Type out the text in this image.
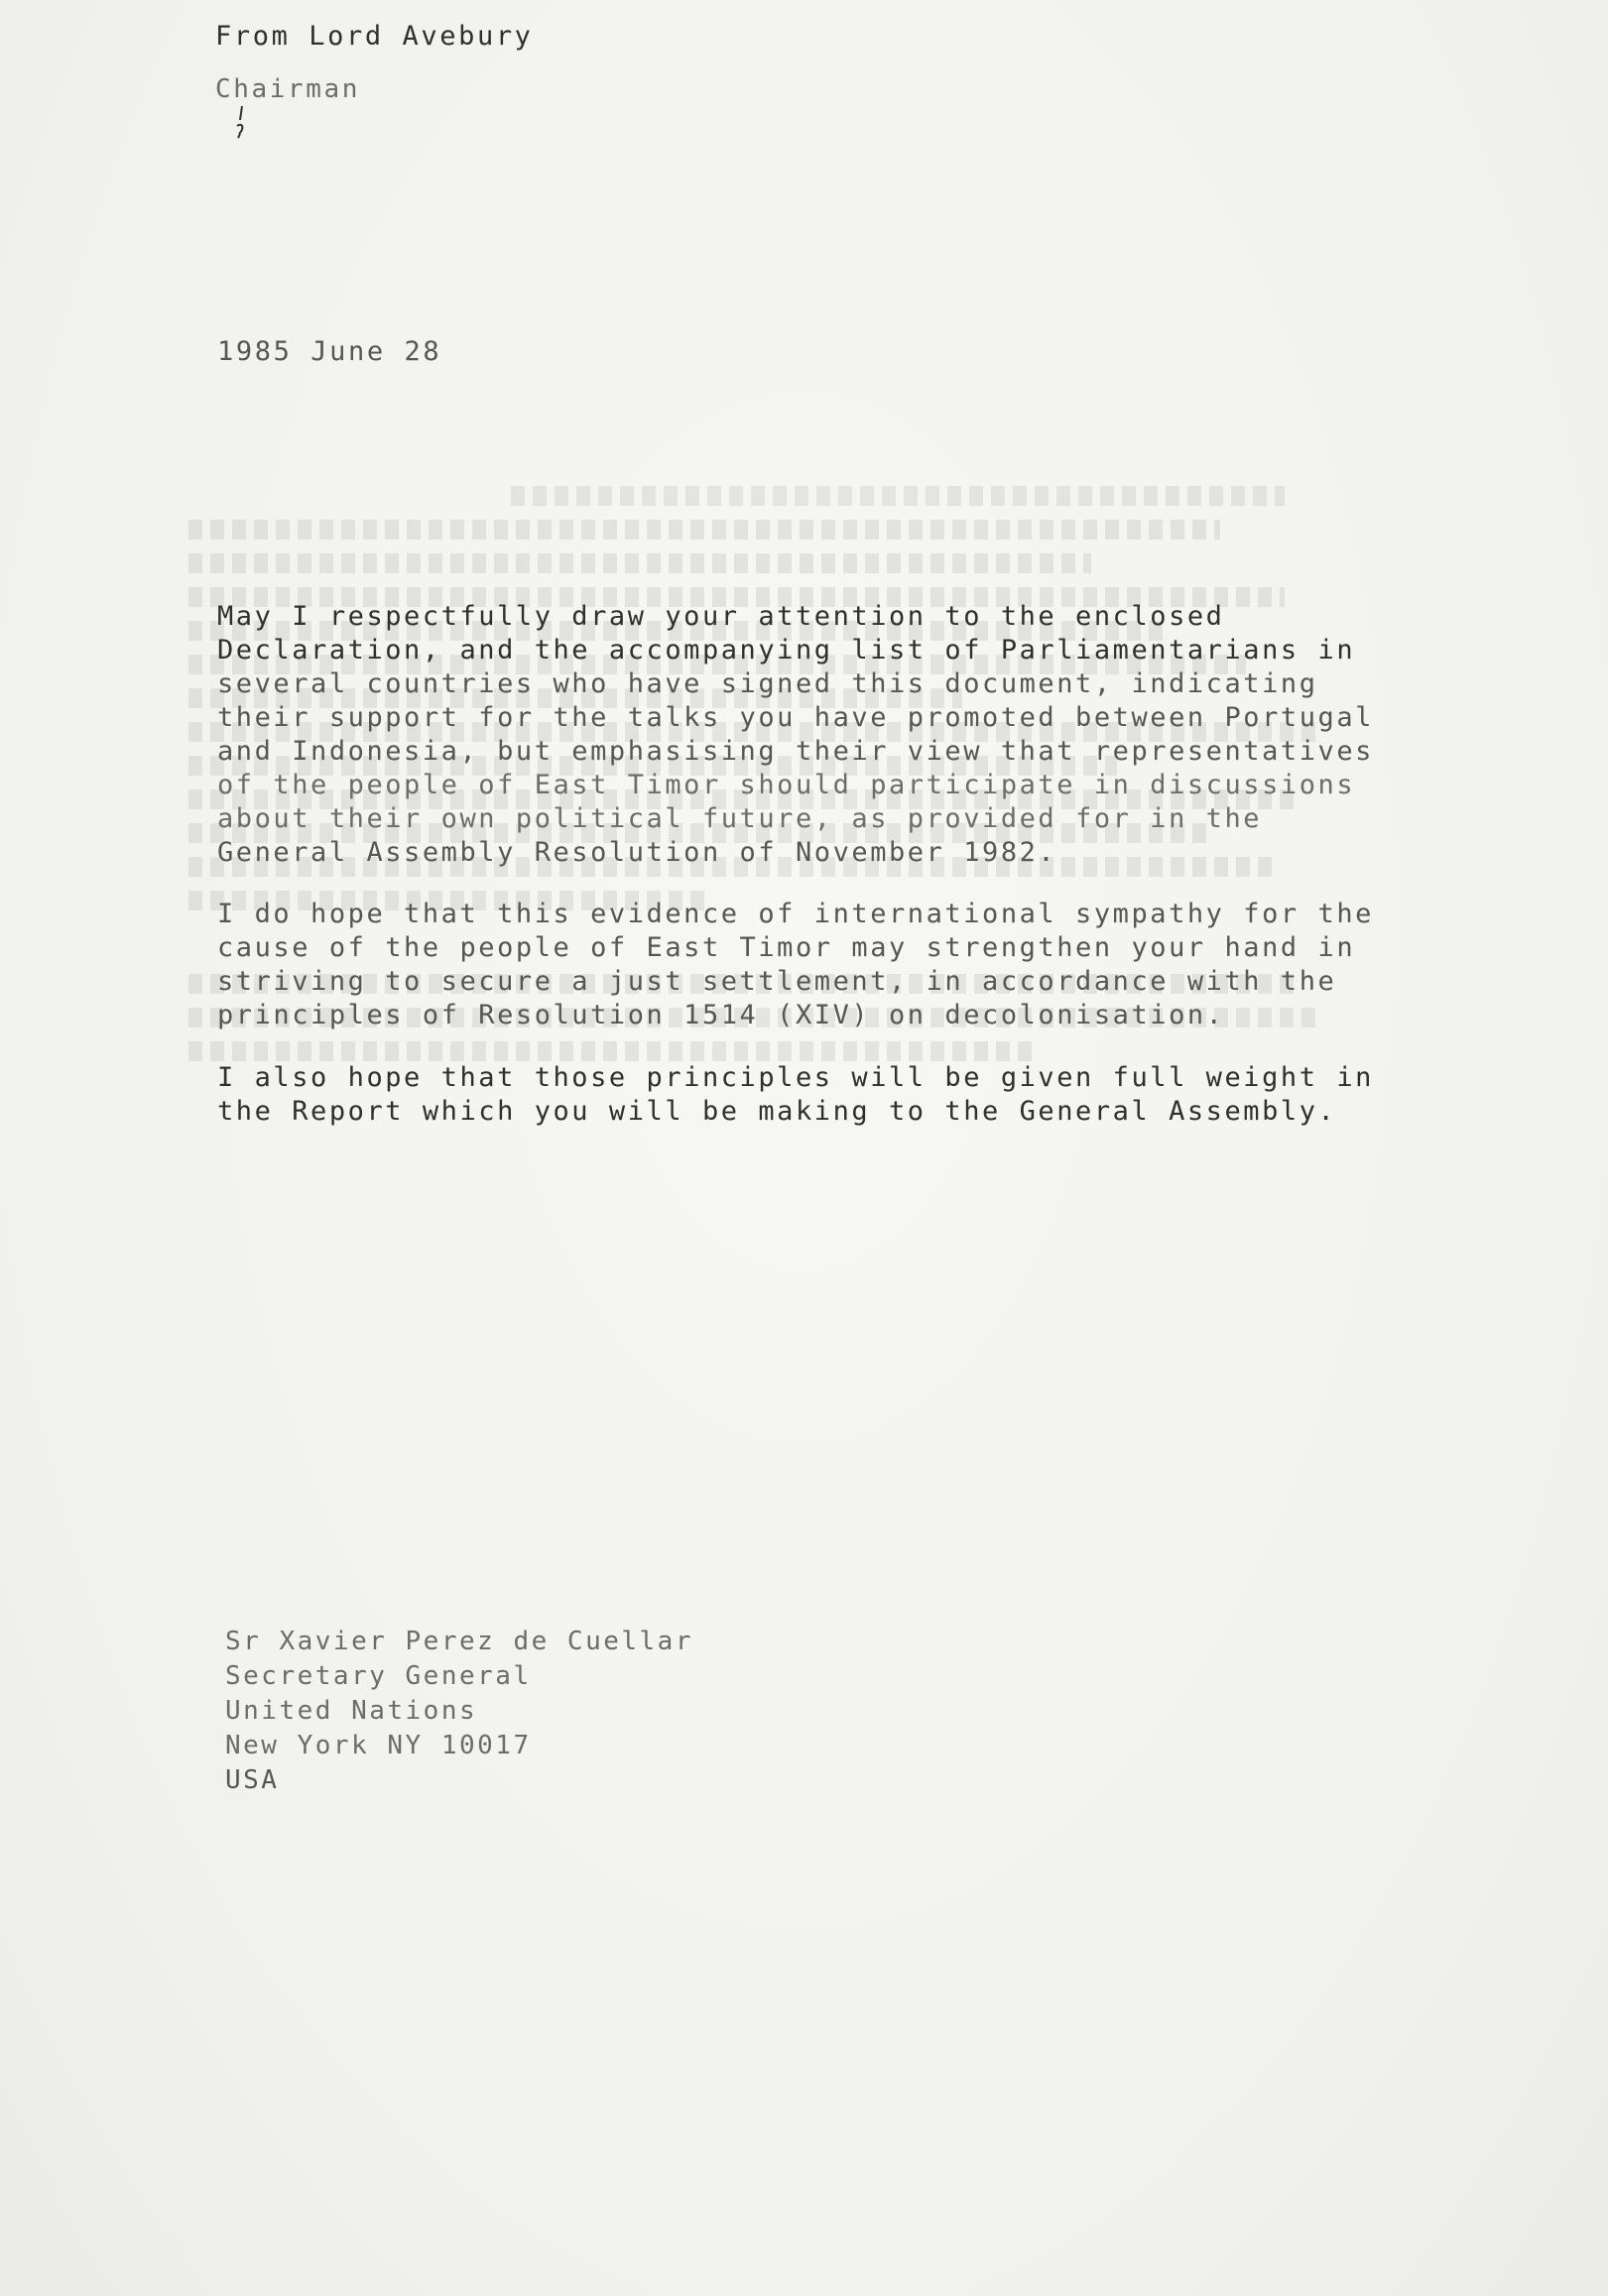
From Lord Avebury
Chairman
1985 June 28
May I respectfully draw your attention to the enclosed
Declaration, and the accompanying list of Parliamentarians in
several countries who have signed this document, indicating
their support for the talks you have promoted between Portugal
and Indonesia, but emphasising their view that representatives
of the people of East Timor should participate in discussions
about their own political future, as provided for in the
General Assembly Resolution of November 1982.
I do hope that this evidence of international sympathy for the
cause of the people of East Timor may strengthen your hand in
striving to secure a just settlement, in accordance with the
principles of Resolution 1514 (XIV) on decolonisation.
I also hope that those principles will be given full weight in
the Report which you will be making to the General Assembly.
Sr Xavier Perez de Cuellar
Secretary General
United Nations
New York NY 10017
USA
